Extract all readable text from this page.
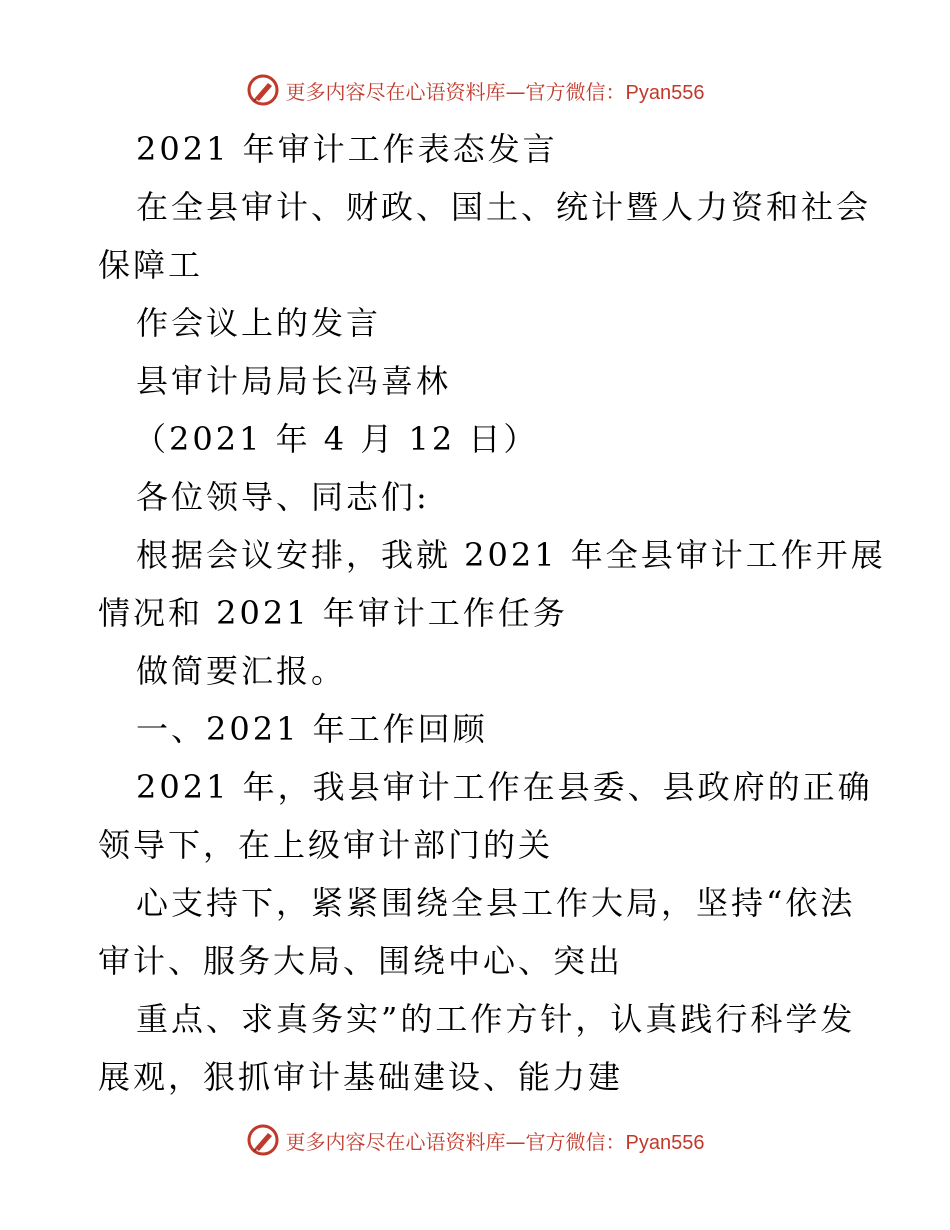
更多内容尽在心语资料库—官方微信：Pyan556
2021 年审计工作表态发言
在全县审计、财政、国土、统计暨人力资和社会
保障工
作会议上的发言
县审计局局长冯喜林
（2021 年 4 月 12 日）
各位领导、同志们:
根据会议安排，我就 2021 年全县审计工作开展
情况和 2021 年审计工作任务
做简要汇报。
一、2021 年工作回顾
2021 年，我县审计工作在县委、县政府的正确
领导下，在上级审计部门的关
心支持下，紧紧围绕全县工作大局，坚持“依法
审计、服务大局、围绕中心、突出
重点、求真务实”的工作方针，认真践行科学发
展观，狠抓审计基础建设、能力建
更多内容尽在心语资料库—官方微信：Pyan556
